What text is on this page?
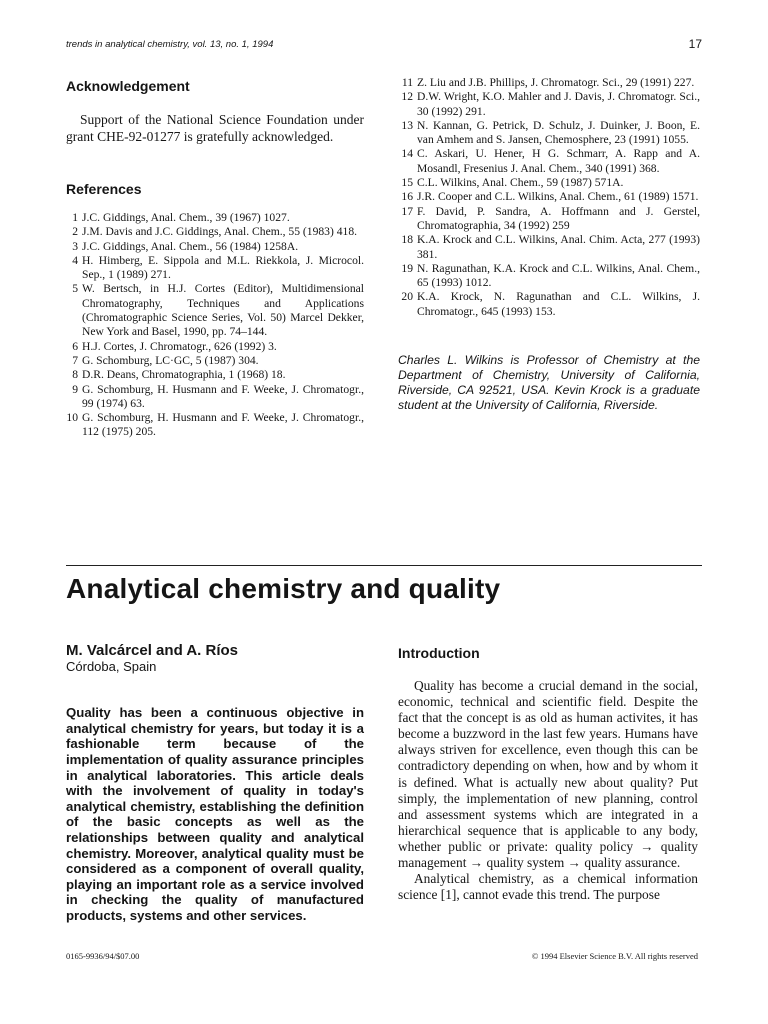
trends in analytical chemistry, vol. 13, no. 1, 1994	17
Acknowledgement

Support of the National Science Foundation under grant CHE-92-01277 is gratefully acknowledged.

References
1 J.C. Giddings, Anal. Chem., 39 (1967) 1027.
2 J.M. Davis and J.C. Giddings, Anal. Chem., 55 (1983) 418.
3 J.C. Giddings, Anal. Chem., 56 (1984) 1258A.
4 H. Himberg, E. Sippola and M.L. Riekkola, J. Microcol. Sep., 1 (1989) 271.
5 W. Bertsch, in H.J. Cortes (Editor), Multidimensional Chromatography, Techniques and Applications (Chromatographic Science Series, Vol. 50) Marcel Dekker, New York and Basel, 1990, pp. 74–144.
6 H.J. Cortes, J. Chromatogr., 626 (1992) 3.
7 G. Schomburg, LC·GC, 5 (1987) 304.
8 D.R. Deans, Chromatographia, 1 (1968) 18.
9 G. Schomburg, H. Husmann and F. Weeke, J. Chromatogr., 99 (1974) 63.
10 G. Schomburg, H. Husmann and F. Weeke, J. Chromatogr., 112 (1975) 205.
11 Z. Liu and J.B. Phillips, J. Chromatogr. Sci., 29 (1991) 227.
12 D.W. Wright, K.O. Mahler and J. Davis, J. Chromatogr. Sci., 30 (1992) 291.
13 N. Kannan, G. Petrick, D. Schulz, J. Duinker, J. Boon, E. van Amhem and S. Jansen, Chemosphere, 23 (1991) 1055.
14 C. Askari, U. Hener, H G. Schmarr, A. Rapp and A. Mosandl, Fresenius J. Anal. Chem., 340 (1991) 368.
15 C.L. Wilkins, Anal. Chem., 59 (1987) 571A.
16 J.R. Cooper and C.L. Wilkins, Anal. Chem., 61 (1989) 1571.
17 F. David, P. Sandra, A. Hoffmann and J. Gerstel, Chromatographia, 34 (1992) 259
18 K.A. Krock and C.L. Wilkins, Anal. Chim. Acta, 277 (1993) 381.
19 N. Ragunathan, K.A. Krock and C.L. Wilkins, Anal. Chem., 65 (1993) 1012.
20 K.A. Krock, N. Ragunathan and C.L. Wilkins, J. Chromatogr., 645 (1993) 153.

Charles L. Wilkins is Professor of Chemistry at the Department of Chemistry, University of California, Riverside, CA 92521, USA. Kevin Krock is a graduate student at the University of California, Riverside.

Analytical chemistry and quality
M. Valcárcel and A. Ríos
Córdoba, Spain

Quality has been a continuous objective in analytical chemistry for years, but today it is a fashionable term because of the implementation of quality assurance principles in analytical laboratories. This article deals with the involvement of quality in today's analytical chemistry, establishing the definition of the basic concepts as well as the relationships between quality and analytical chemistry. Moreover, analytical quality must be considered as a component of overall quality, playing an important role as a service involved in checking the quality of manufactured products, systems and other services.

Introduction

Quality has become a crucial demand in the social, economic, technical and scientific field. Despite the fact that the concept is as old as human activites, it has become a buzzword in the last few years. Humans have always striven for excellence, even though this can be contradictory depending on when, how and by whom it is defined. What is actually new about quality? Put simply, the implementation of new planning, control and assessment systems which are integrated in a hierarchical sequence that is applicable to any body, whether public or private: quality policy → quality management → quality system → quality assurance.

Analytical chemistry, as a chemical information science [1], cannot evade this trend. The purpose

0165-9936/94/$07.00	© 1994 Elsevier Science B.V. All rights reserved
